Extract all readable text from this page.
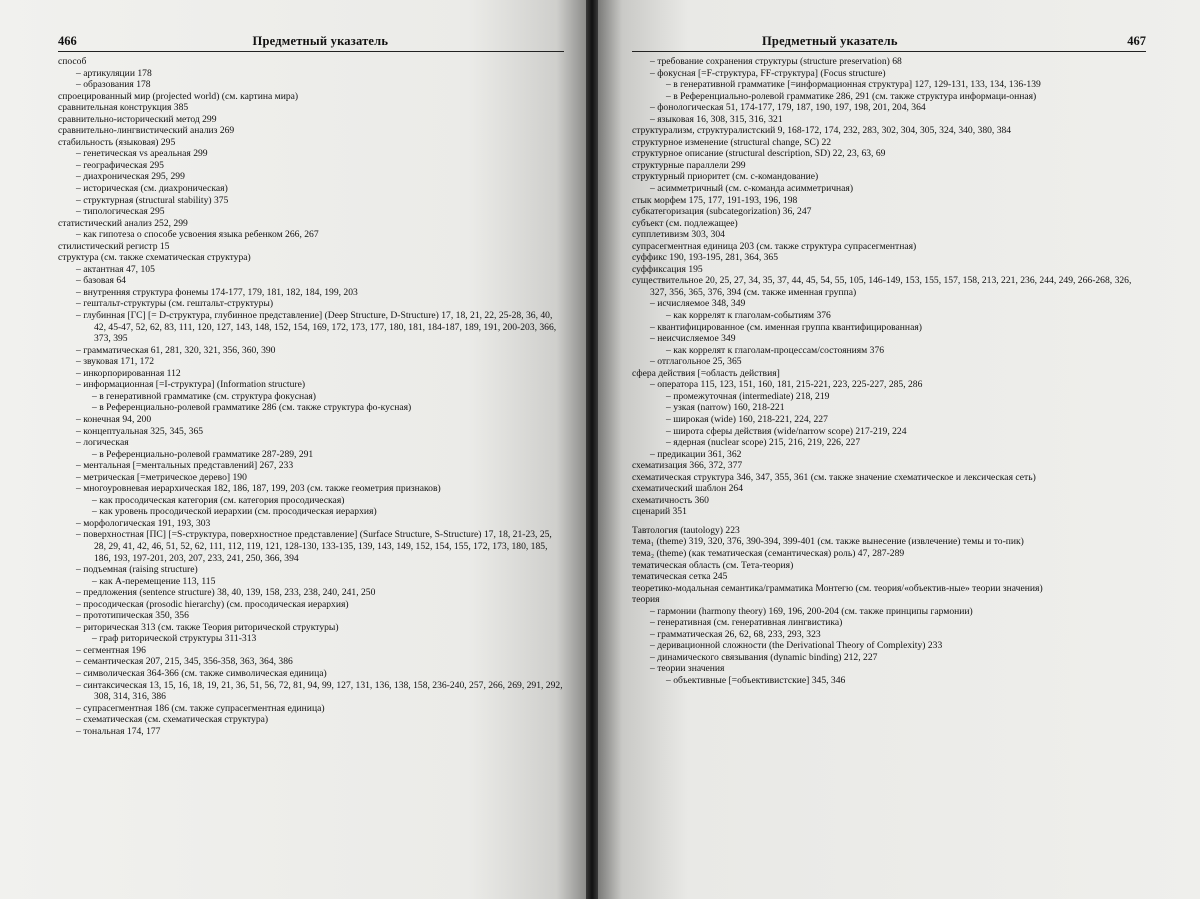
466	Предметный указатель
способ
– артикуляции 178
– образования 178
спроецированный мир (projected world) (см. картина мира)
сравнительная конструкция 385
сравнительно-исторический метод 299
сравнительно-лингвистический анализ 269
стабильность (языковая) 295
– генетическая vs ареальная 299
– географическая 295
– диахроническая 295, 299
– историческая (см. диахроническая)
– структурная (structural stability) 375
– типологическая 295
статистический анализ 252, 299
– как гипотеза о способе усвоения языка ребенком 266, 267
стилистический регистр 15
структура (см. также схематическая структура)
– актантная 47, 105
– базовая 64
– внутренняя структура фонемы 174-177, 179, 181, 182, 184, 199, 203
– гештальт-структуры (см. гештальт-структуры)
– глубинная [ГС] [= D-структура, глубинное представление] (Deep Structure, D-Structure) 17, 18, 21, 22, 25-28, 36, 40, 42, 45-47, 52, 62, 83, 111, 120, 127, 143, 148, 152, 154, 169, 172, 173, 177, 180, 181, 184-187, 189, 191, 200-203, 366, 373, 395
– грамматическая 61, 281, 320, 321, 356, 360, 390
– звуковая 171, 172
– инкорпорированная 112
– информационная [=I-структура] (Information structure)
– в генеративной грамматике (см. структура фокусная)
– в Референциально-ролевой грамматике 286 (см. также структура фо-кусная)
– конечная 94, 200
– концептуальная 325, 345, 365
– логическая
– в Референциально-ролевой грамматике 287-289, 291
– ментальная [=ментальных представлений] 267, 233
– метрическая [=метрическое дерево] 190
– многоуровневая иерархическая 182, 186, 187, 199, 203 (см. также геометрия признаков)
– как просодическая категория (см. категория просодическая)
– как уровень просодической иерархии (см. просодическая иерархия)
– морфологическая 191, 193, 303
– поверхностная [ПС] [=S-структура, поверхностное представление] (Surface Structure, S-Structure) 17, 18, 21-23, 25, 28, 29, 41, 42, 46, 51, 52, 62, 111, 112, 119, 121, 128-130, 133-135, 139, 143, 149, 152, 154, 155, 172, 173, 180, 185, 186, 193, 197-201, 203, 207, 233, 241, 250, 366, 394
– подъемная (raising structure)
– как А-перемещение 113, 115
– предложения (sentence structure) 38, 40, 139, 158, 233, 238, 240, 241, 250
– просодическая (prosodic hierarchy) (см. просодическая иерархия)
– прототипическая 350, 356
– риторическая 313 (см. также Теория риторической структуры)
– граф риторической структуры 311-313
– сегментная 196
– семантическая 207, 215, 345, 356-358, 363, 364, 386
– символическая 364-366 (см. также символическая единица)
– синтаксическая 13, 15, 16, 18, 19, 21, 36, 51, 56, 72, 81, 94, 99, 127, 131, 136, 138, 158, 236-240, 257, 266, 269, 291, 292, 308, 314, 316, 386
– супрасегментная 186 (см. также супрасегментная единица)
– схематическая (см. схематическая структура)
– тональная 174, 177
Предметный указатель	467
– требование сохранения структуры (structure preservation) 68
– фокусная [=F-структура, FF-структура] (Focus structure)
– в генеративной грамматике [=информационная структура] 127, 129-131, 133, 134, 136-139
– в Референциально-ролевой грамматике 286, 291 (см. также структура информаци-онная)
– фонологическая 51, 174-177, 179, 187, 190, 197, 198, 201, 204, 364
– языковая 16, 308, 315, 316, 321
структурализм, структуралистский 9, 168-172, 174, 232, 283, 302, 304, 305, 324, 340, 380, 384
структурное изменение (structural change, SC) 22
структурное описание (structural description, SD) 22, 23, 63, 69
структурные параллели 299
структурный приоритет (см. с-командование)
– асимметричный (см. с-команда асимметричная)
стык морфем 175, 177, 191-193, 196, 198
субкатегоризация (subcategorization) 36, 247
субъект (см. подлежащее)
супплетивизм 303, 304
супрасегментная единица 203 (см. также структура супрасегментная)
суффикс 190, 193-195, 281, 364, 365
суффиксация 195
существительное 20, 25, 27, 34, 35, 37, 44, 45, 54, 55, 105, 146-149, 153, 155, 157, 158, 213, 221, 236, 244, 249, 266-268, 326, 327, 356, 365, 376, 394 (см. также именная группа)
– исчисляемое 348, 349
– как коррелят к глаголам-событиям 376
– квантифицированное (см. именная группа квантифицированная)
– неисчисляемое 349
– как коррелят к глаголам-процессам/состояниям 376
– отглагольное 25, 365
сфера действия [=область действия]
– оператора 115, 123, 151, 160, 181, 215-221, 223, 225-227, 285, 286
– промежуточная (intermediate) 218, 219
– узкая (narrow) 160, 218-221
– широкая (wide) 160, 218-221, 224, 227
– широта сферы действия (wide/narrow scope) 217-219, 224
– ядерная (nuclear scope) 215, 216, 219, 226, 227
– предикации 361, 362
схематизация 366, 372, 377
схематическая структура 346, 347, 355, 361 (см. также значение схематическое и лексическая сеть)
схематический шаблон 264
схематичность 360
сценарий 351
Тавтология (tautology) 223
тема₁ (theme) 319, 320, 376, 390-394, 399-401 (см. также вынесение (извлечение) темы и то-пик)
тема₂ (theme) (как тематическая (семантическая) роль) 47, 287-289
тематическая область (см. Тета-теория)
тематическая сетка 245
теоретико-модальная семантика/грамматика Монтегю (см. теория/«объектив-ные» теории значения)
теория
– гармонии (harmony theory) 169, 196, 200-204 (см. также принципы гармонии)
– генеративная (см. генеративная лингвистика)
– грамматическая 26, 62, 68, 233, 293, 323
– деривационной сложности (the Derivational Theory of Complexity) 233
– динамического связывания (dynamic binding) 212, 227
– теории значения
– объективные [=объективистские] 345, 346
